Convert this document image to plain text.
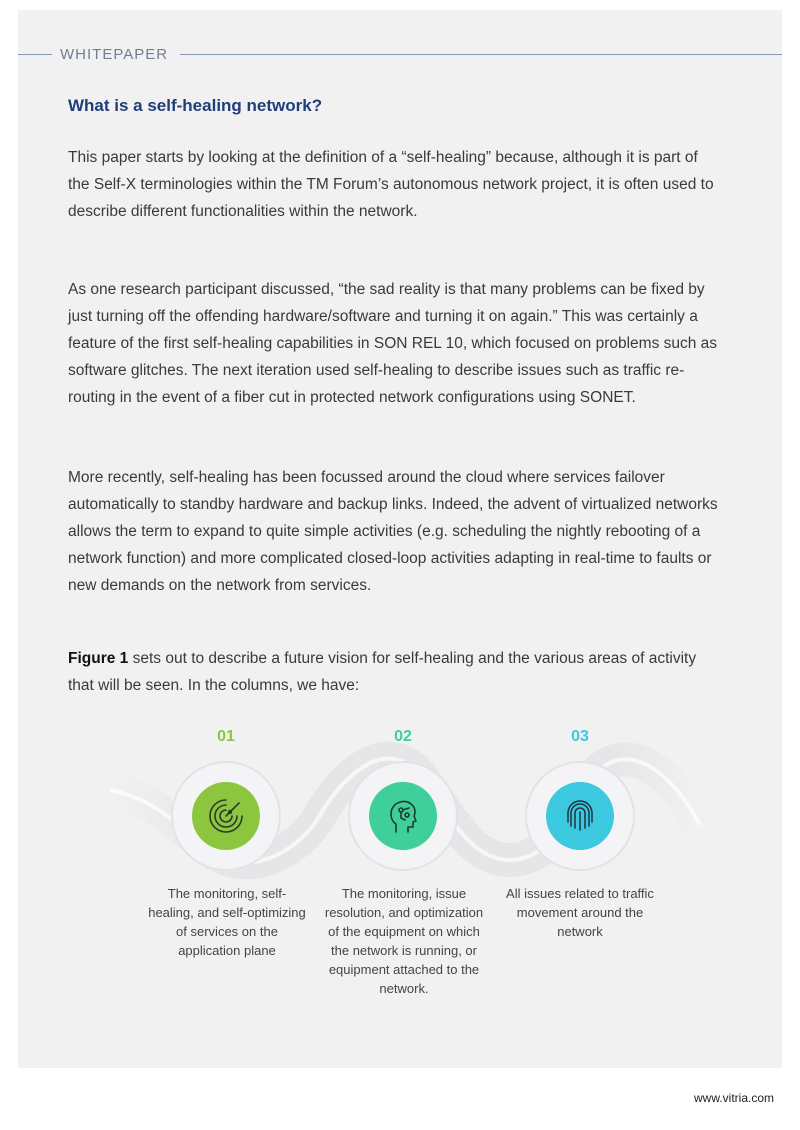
WHITEPAPER
What is a self-healing network?

This paper starts by looking at the definition of a “self-healing” because, although it is part of the Self-X terminologies within the TM Forum’s autonomous network project, it is often used to describe different functionalities within the network.

As one research participant discussed, “the sad reality is that many problems can be fixed by just turning off the offending hardware/software and turning it on again.” This was certainly a feature of the first self-healing capabilities in SON REL 10, which focused on problems such as software glitches. The next iteration used self-healing to describe issues such as traffic re-routing in the event of a fiber cut in protected network configurations using SONET.

More recently, self-healing has been focussed around the cloud where services failover automatically to standby hardware and backup links. Indeed, the advent of virtualized networks allows the term to expand to quite simple activities (e.g. scheduling the nightly rebooting of a network function) and more complicated closed-loop activities adapting in real-time to faults or new demands on the network from services.

Figure 1 sets out to describe a future vision for self-healing and the various areas of activity that will be seen. In the columns, we have:

01	02	03
The monitoring, self-healing, and self-optimizing of services on the application plane
The monitoring, issue resolution, and optimization of the equipment on which the network is running, or equipment attached to the network.
All issues related to traffic movement around the network
www.vitria.com
